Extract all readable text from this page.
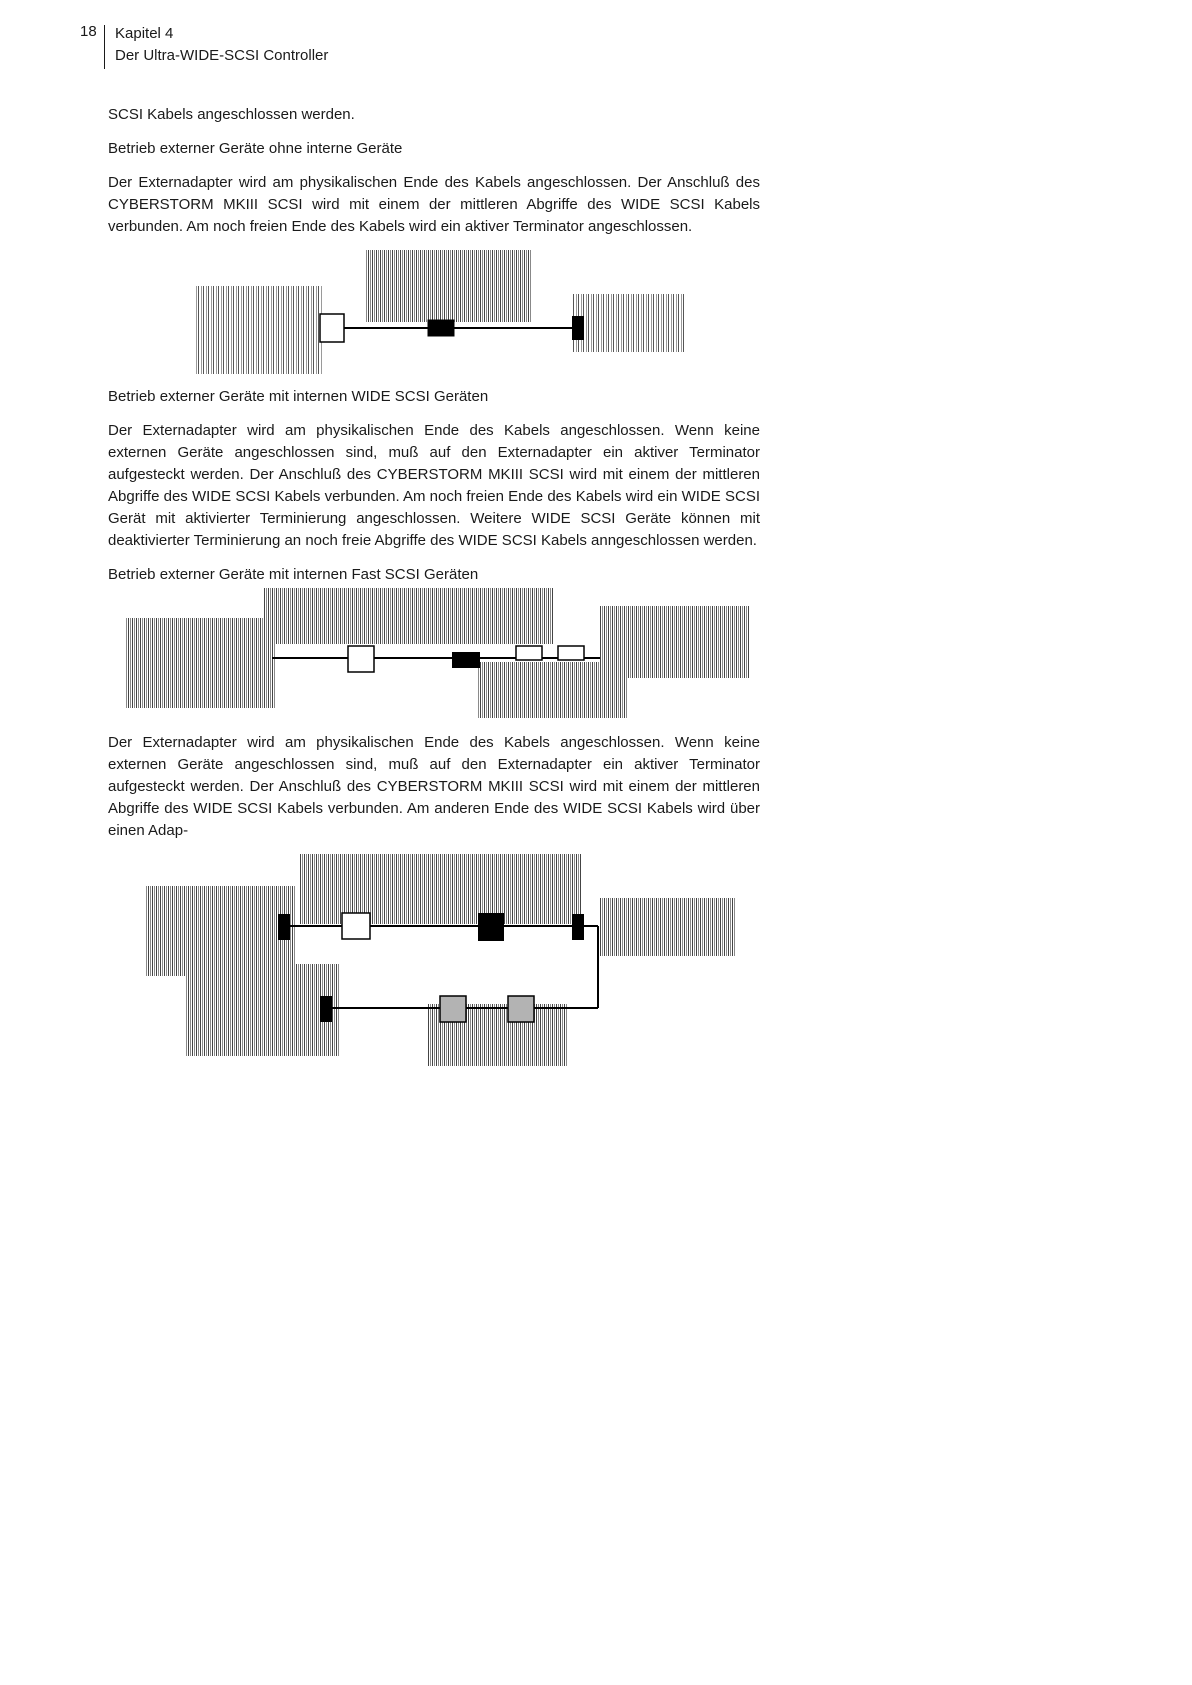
18	Kapitel 4
Der Ultra-WIDE-SCSI Controller

SCSI Kabels angeschlossen werden.

Betrieb externer Geräte ohne interne Geräte

Der Externadapter wird am physikalischen Ende des Kabels angeschlossen. Der Anschluß des CYBERSTORM MKIII SCSI wird mit einem der mittleren Abgriffe des WIDE SCSI Kabels verbunden. Am noch freien Ende des Kabels wird ein aktiver Terminator angeschlossen.

Betrieb externer Geräte mit internen WIDE SCSI Geräten

Der Externadapter wird am physikalischen Ende des Kabels angeschlossen. Wenn keine externen Geräte angeschlossen sind, muß auf den Externadapter ein aktiver Terminator aufgesteckt werden. Der Anschluß des CYBERSTORM MKIII SCSI wird mit einem der mittleren Abgriffe des WIDE SCSI Kabels verbunden. Am noch freien Ende des Kabels wird ein WIDE SCSI Gerät mit aktivierter Terminierung angeschlossen. Weitere WIDE SCSI Geräte können mit deaktivierter Terminierung an noch freie Abgriffe des WIDE SCSI Kabels anngeschlossen werden.

Betrieb externer Geräte mit internen Fast SCSI Geräten

Der Externadapter wird am physikalischen Ende des Kabels angeschlossen. Wenn keine externen Geräte angeschlossen sind, muß auf den Externadapter ein aktiver Terminator aufgesteckt werden. Der Anschluß des CYBERSTORM MKIII SCSI wird mit einem der mittleren Abgriffe des WIDE SCSI Kabels verbunden. Am anderen Ende des WIDE SCSI Kabels wird über einen Adap-
